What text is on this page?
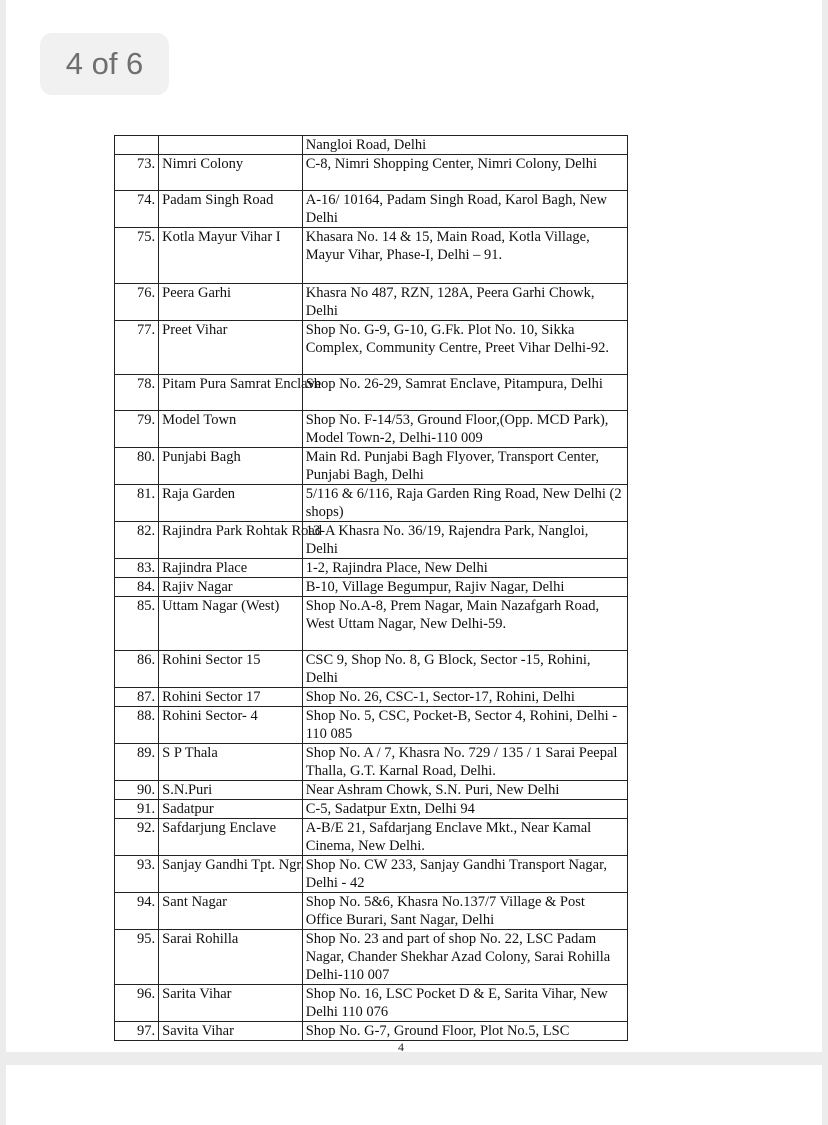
4 of 6
		Nangloi Road, Delhi
73.	Nimri Colony	C-8, Nimri Shopping Center, Nimri Colony, Delhi
74.	Padam Singh Road	A-16/ 10164, Padam Singh Road, Karol Bagh, New Delhi
75.	Kotla Mayur Vihar I	Khasara No. 14 & 15, Main Road, Kotla Village, Mayur Vihar, Phase-I, Delhi – 91.
76.	Peera Garhi	Khasra No 487, RZN, 128A, Peera Garhi Chowk, Delhi
77.	Preet Vihar	Shop No. G-9, G-10, G.Fk. Plot No. 10, Sikka Complex, Community Centre, Preet Vihar Delhi-92.
78.	Pitam Pura Samrat Enclave	Shop No. 26-29, Samrat Enclave, Pitampura, Delhi
79.	Model Town	Shop No. F-14/53, Ground Floor,(Opp. MCD Park), Model Town-2, Delhi-110 009
80.	Punjabi Bagh	Main Rd. Punjabi Bagh Flyover, Transport Center, Punjabi Bagh, Delhi
81.	Raja Garden	5/116 & 6/116, Raja Garden Ring Road, New Delhi (2 shops)
82.	Rajindra Park Rohtak Road	13-A Khasra No. 36/19, Rajendra Park, Nangloi, Delhi
83.	Rajindra Place	1-2, Rajindra Place, New Delhi
84.	Rajiv Nagar	B-10, Village Begumpur, Rajiv Nagar, Delhi
85.	Uttam Nagar (West)	Shop No.A-8, Prem Nagar, Main Nazafgarh Road, West Uttam Nagar, New Delhi-59.
86.	Rohini Sector 15	CSC 9, Shop No. 8, G Block, Sector -15, Rohini, Delhi
87.	Rohini Sector 17	Shop No. 26, CSC-1, Sector-17, Rohini, Delhi
88.	Rohini Sector- 4	Shop No. 5, CSC, Pocket-B, Sector 4, Rohini, Delhi - 110 085
89.	S P Thala	Shop No. A / 7, Khasra No. 729 / 135 / 1 Sarai Peepal Thalla, G.T. Karnal Road, Delhi.
90.	S.N.Puri	Near Ashram Chowk, S.N. Puri, New Delhi
91.	Sadatpur	C-5, Sadatpur Extn, Delhi 94
92.	Safdarjung Enclave	A-B/E 21, Safdarjang Enclave Mkt., Near Kamal Cinema, New Delhi.
93.	Sanjay Gandhi Tpt. Ngr.	Shop No. CW 233, Sanjay Gandhi Transport Nagar, Delhi - 42
94.	Sant Nagar	Shop No. 5&6, Khasra No.137/7 Village & Post Office Burari, Sant Nagar, Delhi
95.	Sarai Rohilla	Shop No. 23 and part of shop No. 22, LSC Padam Nagar, Chander Shekhar Azad Colony, Sarai Rohilla Delhi-110 007
96.	Sarita Vihar	Shop No. 16, LSC Pocket D & E, Sarita Vihar, New Delhi 110 076
97.	Savita Vihar	Shop No. G-7, Ground Floor, Plot No.5, LSC
4
